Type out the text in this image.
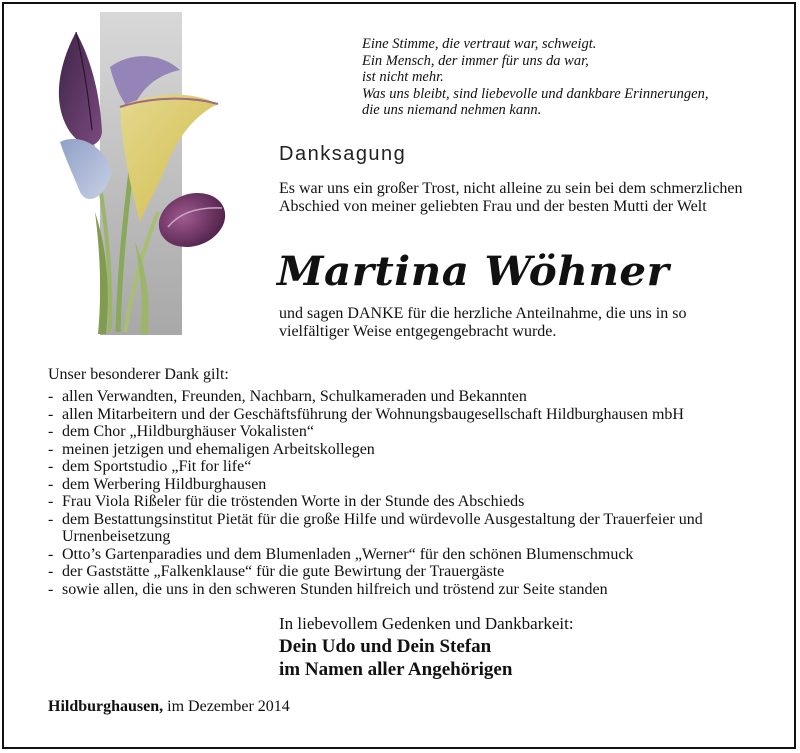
Eine Stimme, die vertraut war, schweigt.
Ein Mensch, der immer für uns da war,
ist nicht mehr.
Was uns bleibt, sind liebevolle und dankbare Erinnerungen,
die uns niemand nehmen kann.
Danksagung
Es war uns ein großer Trost, nicht alleine zu sein bei dem schmerzlichen Abschied von meiner geliebten Frau und der besten Mutti der Welt
Martina Wöhner
und sagen DANKE für die herzliche Anteilnahme, die uns in so vielfältiger Weise entgegengebracht wurde.
Unser besonderer Dank gilt:
- allen Verwandten, Freunden, Nachbarn, Schulkameraden und Bekannten
- allen Mitarbeitern und der Geschäftsführung der Wohnungsbaugesellschaft Hildburghausen mbH
- dem Chor „Hildburghäuser Vokalisten“
- meinen jetzigen und ehemaligen Arbeitskollegen
- dem Sportstudio „Fit for life“
- dem Werbering Hildburghausen
- Frau Viola Rißeler für die tröstenden Worte in der Stunde des Abschieds
- dem Bestattungsinstitut Pietät für die große Hilfe und würdevolle Ausgestaltung der Trauerfeier und Urnenbeisetzung
- Otto’s Gartenparadies und dem Blumenladen „Werner“ für den schönen Blumenschmuck
- der Gaststätte „Falkenklause“ für die gute Bewirtung der Trauergäste
- sowie allen, die uns in den schweren Stunden hilfreich und tröstend zur Seite standen
In liebevollem Gedenken und Dankbarkeit:
Dein Udo und Dein Stefan
im Namen aller Angehörigen
Hildburghausen, im Dezember 2014
